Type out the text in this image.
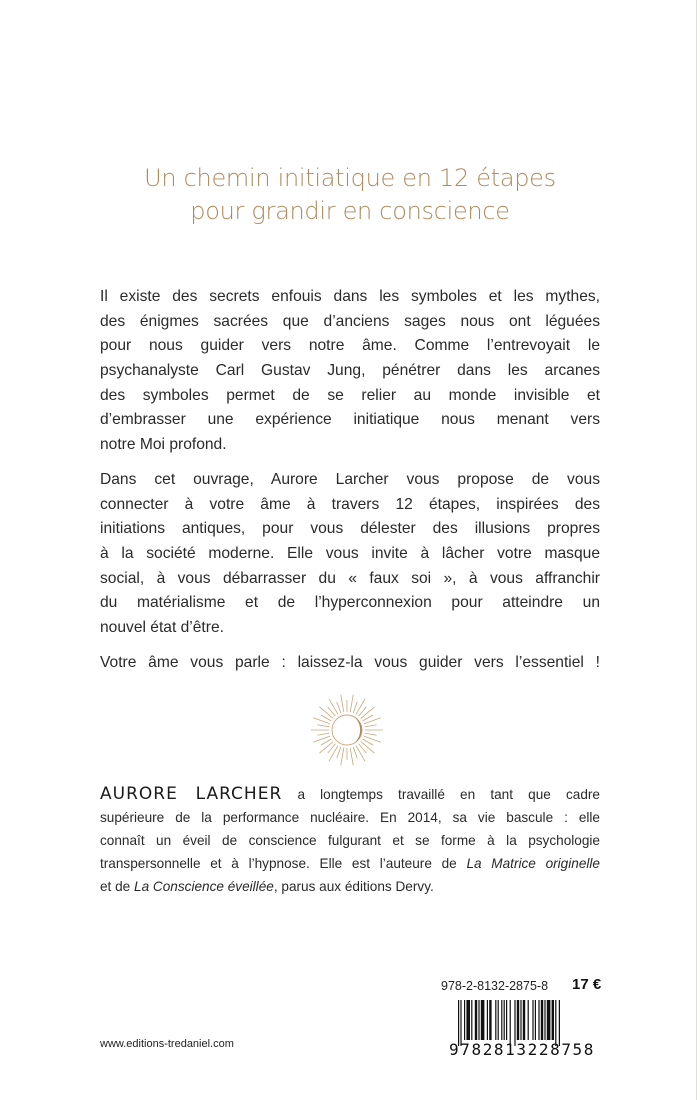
Un chemin initiatique en 12 étapes
pour grandir en conscience
Il existe des secrets enfouis dans les symboles et les mythes,
des énigmes sacrées que d’anciens sages nous ont léguées
pour nous guider vers notre âme. Comme l’entrevoyait le
psychanalyste Carl Gustav Jung, pénétrer dans les arcanes
des symboles permet de se relier au monde invisible et
d’embrasser une expérience initiatique nous menant vers
notre Moi profond.
Dans cet ouvrage, Aurore Larcher vous propose de vous
connecter à votre âme à travers 12 étapes, inspirées des
initiations antiques, pour vous délester des illusions propres
à la société moderne. Elle vous invite à lâcher votre masque
social, à vous débarrasser du « faux soi », à vous affranchir
du matérialisme et de l’hyperconnexion pour atteindre un
nouvel état d’être.
Votre âme vous parle : laissez-la vous guider vers l’essentiel !
AURORE LARCHER a longtemps travaillé en tant que cadre
supérieure de la performance nucléaire. En 2014, sa vie bascule : elle
connaît un éveil de conscience fulgurant et se forme à la psychologie
transpersonnelle et à l’hypnose. Elle est l’auteure de La Matrice originelle
et de La Conscience éveillée, parus aux éditions Dervy.
978-2-8132-2875-8 17 €
9782813228758
www.editions-tredaniel.com
